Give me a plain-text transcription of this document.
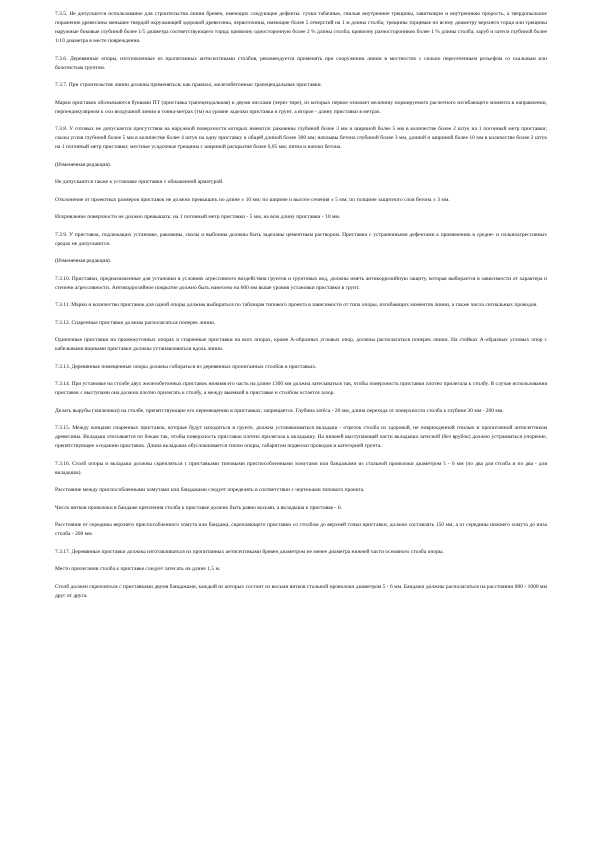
7.3.5. Не допускается использование для строительства линии бревен, имеющих следующие дефекты: сучки табачные, гнилые внутренние трещины, завитковую и внутреннюю прорость, а твердопыльное поражение древесины меньшее твердой окружающей здоровой древесины, червоточины, имеющие более 5 отверстий на 1 м длины столба; трещины торцевые по всему диаметру верхнего торца или трещины наружные боковые глубиной более 1/5 диаметра соответствующего торца; кривизну односторонную более 2 % длины столба; кривизну разностороннюю более 1 % длины столба; заруб и затеси глубиной более 1/10 диаметра в месте повреждения.

7.3.6. Деревянные опоры, изготовленные из пропитанных антисептиками столбов, рекомендуется применять при сооружении линии в местностях с сильно пересеченным рельефом со скальным или болотистым грунтом.

7.3.7. При строительстве линии должны применяться, как правило, железобетонные трапецеидальные приставки.

Марки приставок обозначаются буквами ПТ (приставка трапецеидальная) и двумя числами (через тире), из которых первое означает величину нормируемого расчетного изгибающего момента в направлении, перпендикулярном к оси воздушной линии в тонна-метрах (тм) на уровне заделки приставки в грунт, а второе - длину приставки в метрах.

7.3.8. У готовых не допускается присутствия на наружной поверхности которых имеются: раковины глубиной более 3 мм и шириной более 5 мм в количестве более 2 штук на 1 погонный метр приставки; сколы углов глубиной более 5 мм в количестве более 4 штук на одну приставку и общей длиной более 300 мм; наплывы бетона глубиной более 3 мм, длиной и шириной более 10 мм в количестве более 2 штук на 1 погонный метр приставки; местные усадочные трещины с шириной раскрытия более 0,05 мм; пятна и натеки бетона.

(Измененная редакция).

Не допускаются также к установке приставки с обнаженной арматурой.

Отклонение от проектных размеров приставок не должно превышать по длине ± 10 мм; по ширине и высоте сечения ± 5 мм; по толщине защитного слоя бетона ± 3 мм.

Искривление поверхности не должно превышать: на 1 погонный метр приставки - 5 мм, на всю длину приставки - 10 мм.

7.3.9. У приставок, подлежащих установке, раковины, сколы и выбоины должны быть заделаны цементным раствором. Приставки с устраненными дефектами к применению в средне- и сильноагрессивных средах не допускаются.

(Измененная редакция).

7.3.10. Приставки, предназначенные для установки в условиях агрессивного воздействия грунтов и грунтовых вод, должны иметь антикоррозийную защиту, которая выбирается в зависимости от характера и степени агрессивности. Антикоррозийное покрытие должно быть нанесено на 600 мм выше уровня установки приставки в грунт.

7.3.11. Марки и количество приставок для одной опоры должны выбираться по таблицам типового проекта в зависимости от типа опоры, изгибающих моментов линии, а также числа сигнальных проводов.

7.3.12. Спаренные приставки должны располагаться поперек линии.

Одиночные приставки на промежуточных опорах и спаренные приставки на всех опорах, кроме А-образных угловых опор, должны располагаться поперек линии. На стойках А-образных угловых опор с кабельными ящиками приставки должны устанавливаться вдоль линии.

7.3.13. Деревянные помещенные опоры должны собираться из деревянных пропитанных столбов в приставках.

7.3.14. При установке на столбе двух железобетонных приставок нижняя его часть на длине 1300 мм должна затесываться так, чтобы поверхность приставки плотно прилегала к столбу. В случае использования приставок с выступами она должна плотно прилегать к столбу, а между выемкой в приставке и столбом остается зазор.

Делать вырубы (заплечики) на столбе, препятствующие его перемещению в приставках, запрещается. Глубина затёса - 20 мм, длина перехода от поверхности столба к глубине 30 мм - 200 мм.

7.3.15. Между концами спаренных приставок, которые будут находиться в грунте, должна устанавливаться вкладыш - отрезок столба из здоровой, не поврежденной гнилью и пропитанной антисептиком древесины. Вкладыш отесывается по бокам так, чтобы поверхность приставок плотно прилегала к вкладышу. На нижней выступающей части вкладыша затесной (без врубок) должно устраиваться упорение, препятствующее оседанию приставок. Длина вкладыша обусловливается типом опоры, габаритом подвески проводов и категорией грунта.

7.3.16. Столб опоры и вкладыш должны скрепляться с приставками типовыми приспособленными хомутами или бандажами из стальной проволоки диаметром 5 - 6 мм (по два для столба и по два - для вкладыша).

Расстояние между приспособленными хомутами или бандажами следует определять в соответствии с чертежами типового проекта.

Число витков проволоки в бандаже крепления столба к приставке должно быть равно восьми, а вкладыша к приставке - 6.

Расстояние от середины верхнего приспособленного хомута или бандажа, скрепляющего приставки со столбом до верхней точки приставки, должно составлять 150 мм, а от середины нижнего хомута до низа столба - 200 мм.

7.3.17. Деревянные приставки должны изготавливаться из пропитанных антисептиками бревен диаметром не менее диаметра нижней части основного столба опоры.

Место прилегания столба к приставке следует затесать на длине 1,5 м.

Столб должен скрепляться с приставками двумя бандажами, каждый из которых состоит из восьми витков стальной проволоки диаметром 5 - 6 мм. Бандажи должны располагаться на расстоянии 800 - 1000 мм друг от друга.
